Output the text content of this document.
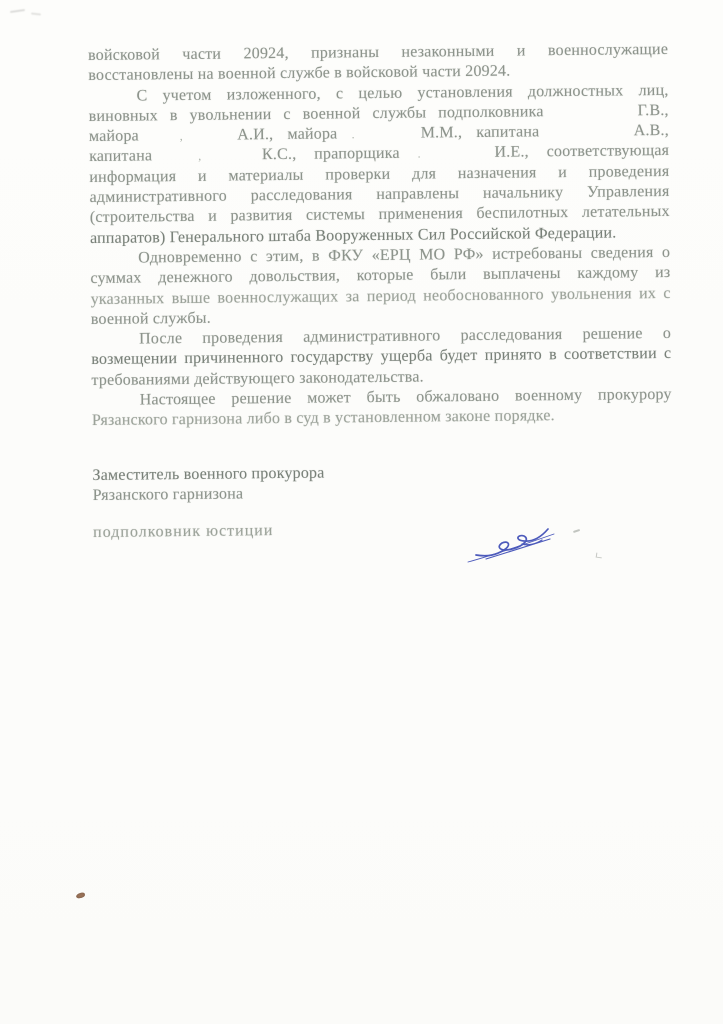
войсковой части 20924, признаны незаконными и военнослужащие
восстановлены на военной службе в войсковой части 20924.
С учетом изложенного, с целью установления должностных лиц,
виновных в увольнении с военной службы подполковника	Г.В.,
майора	,	А.И., майора .	М.М., капитана	А.В.,
капитана	,	К.С., прапорщика .	И.Е., соответствующая
информация и материалы проверки для назначения и проведения
административного расследования направлены начальнику Управления
(строительства и развития системы применения беспилотных летательных
аппаратов) Генерального штаба Вооруженных Сил Российской Федерации.
Одновременно с этим, в ФКУ «ЕРЦ МО РФ» истребованы сведения о
суммах денежного довольствия, которые были выплачены каждому из
указанных выше военнослужащих за период необоснованного увольнения их с
военной службы.
После проведения административного расследования решение о
возмещении причиненного государству ущерба будет принято в соответствии с
требованиями действующего законодательства.
Настоящее решение может быть обжаловано военному прокурору
Рязанского гарнизона либо в суд в установленном законе порядке.
Заместитель военного прокурора
Рязанского гарнизона
подполковник юстиции
